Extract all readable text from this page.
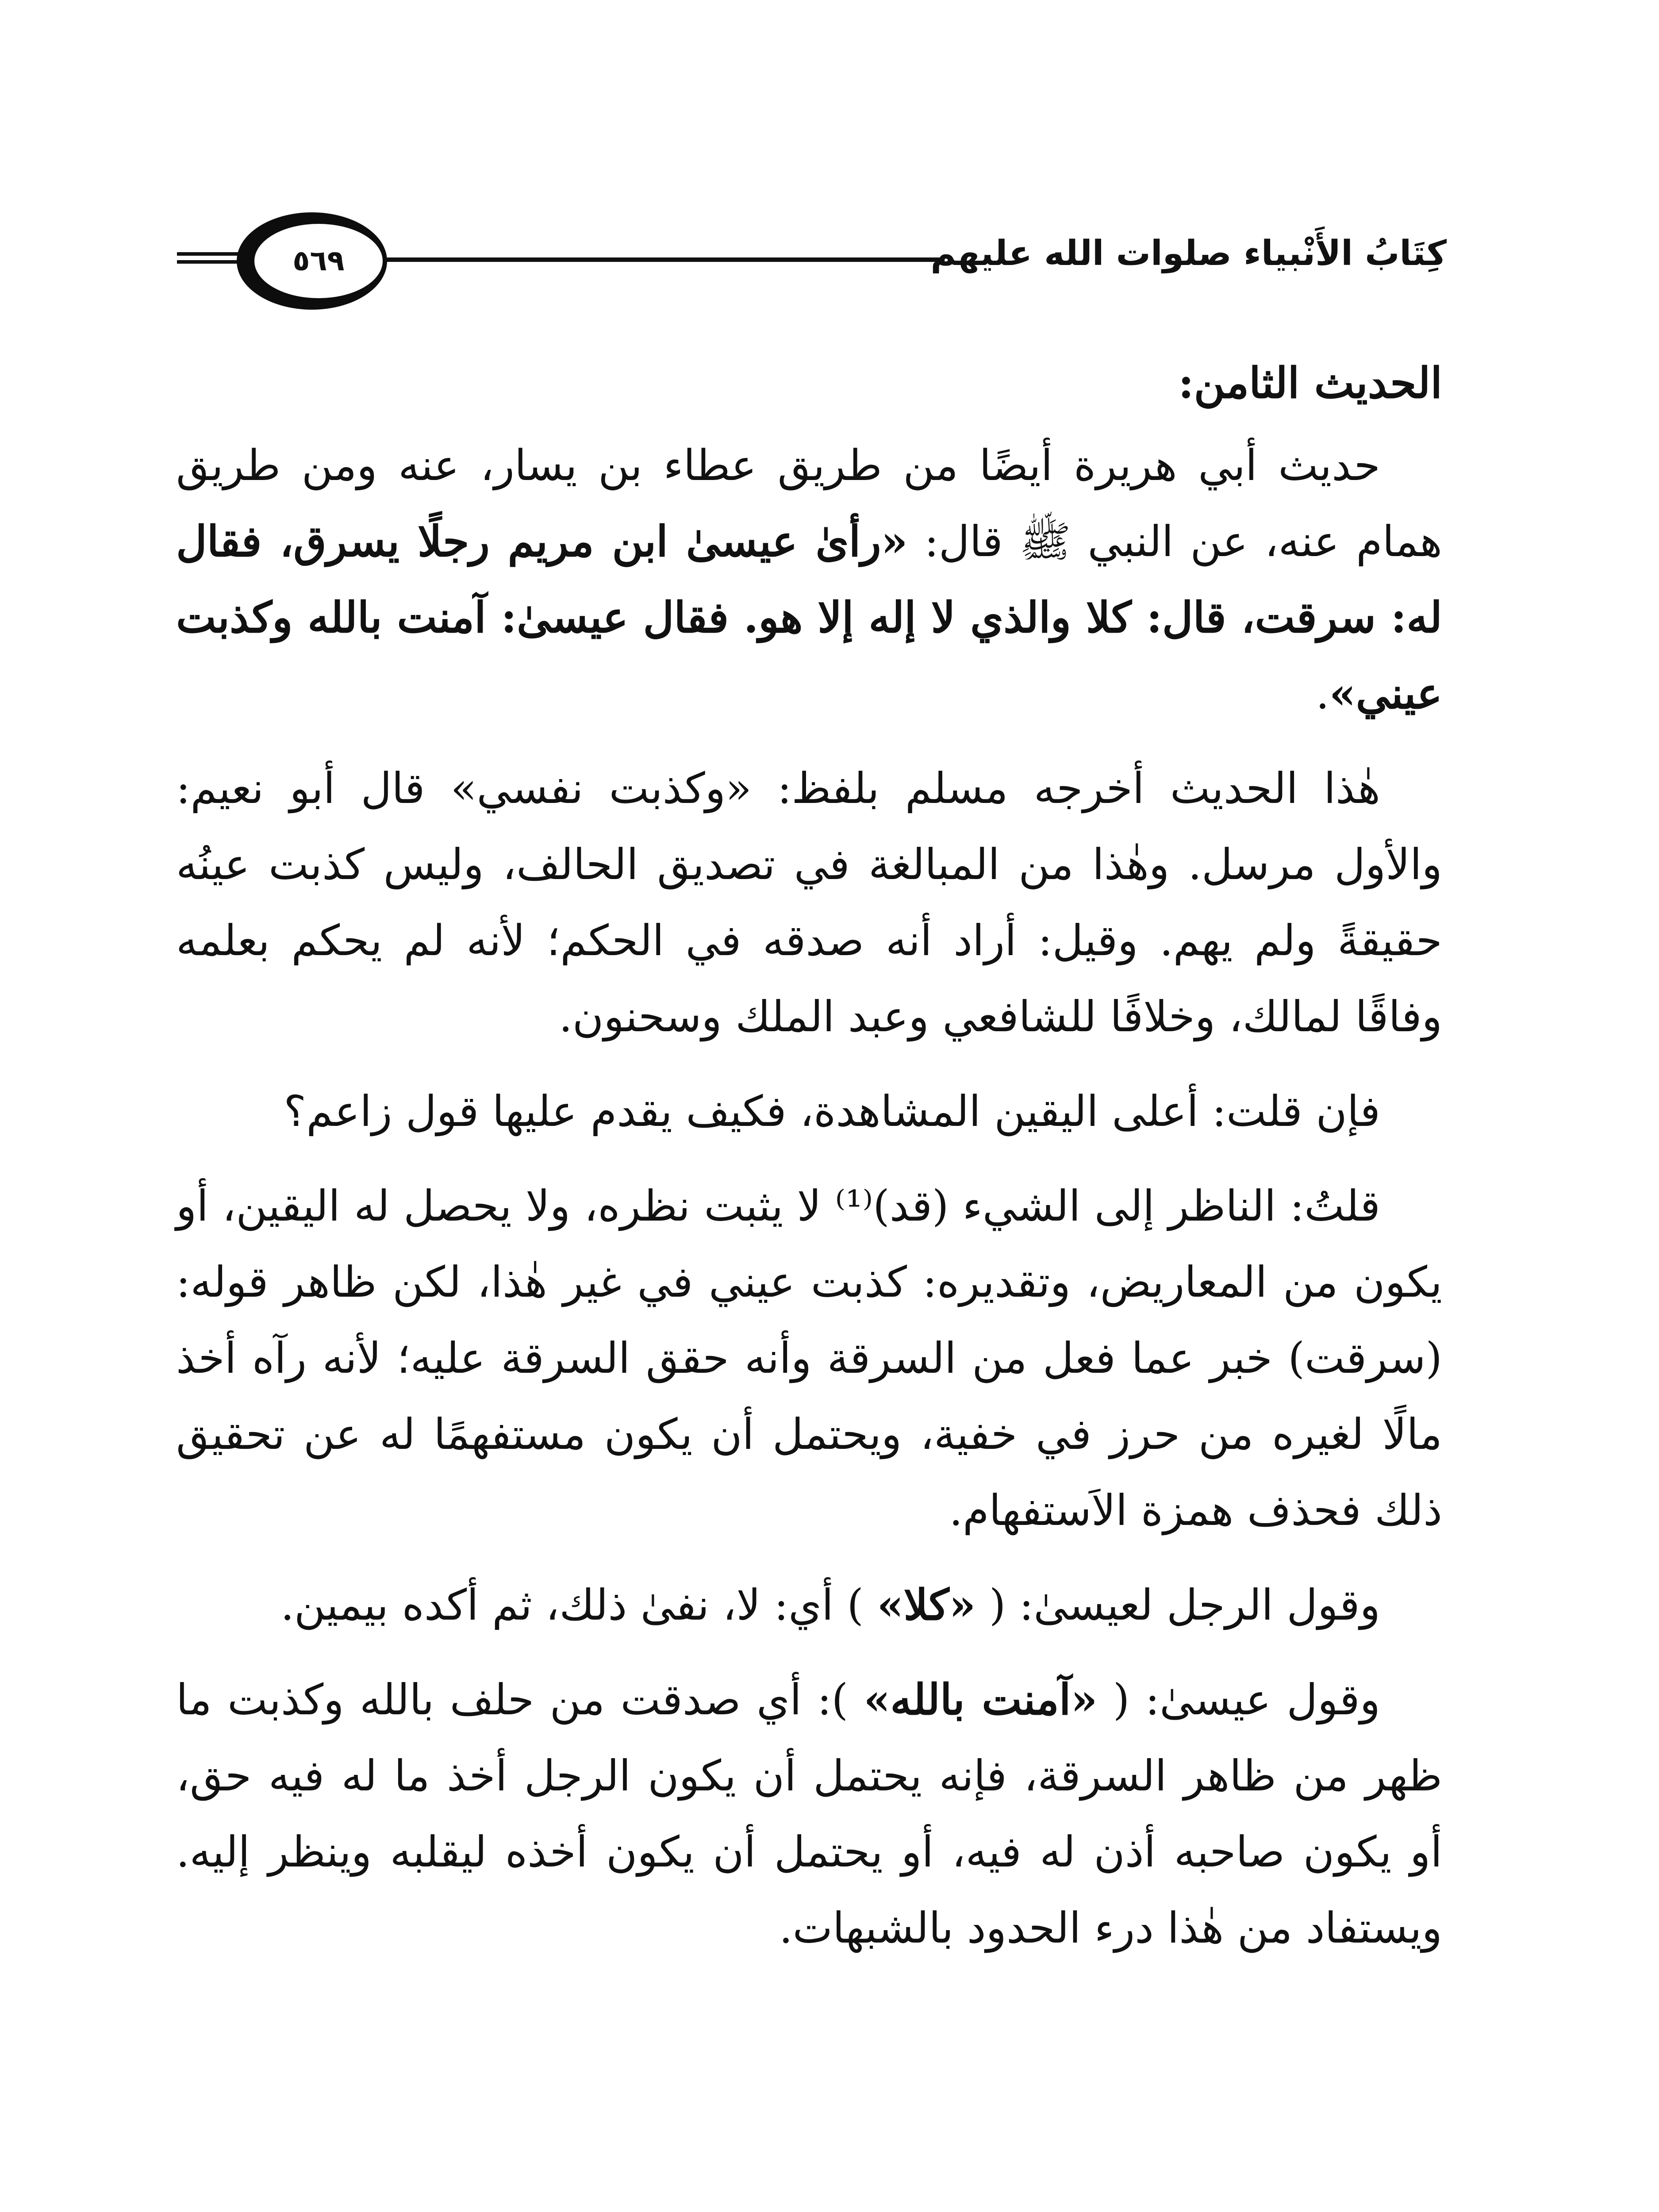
٥٦٩	كِتَابُ الأَنْبياء صلوات الله عليهم

الحديث الثامن:

حديث أبي هريرة أيضًا من طريق عطاء بن يسار، عنه ومن طريق همام عنه، عن النبي ﷺ قال: «رأىٰ عيسىٰ ابن مريم رجلًا يسرق، فقال له: سرقت، قال: كلا والذي لا إله إلا هو. فقال عيسىٰ: آمنت بالله وكذبت عيني».

هٰذا الحديث أخرجه مسلم بلفظ: «وكذبت نفسي» قال أبو نعيم: والأول مرسل. وهٰذا من المبالغة في تصديق الحالف، وليس كذبت عينُه حقيقةً ولم يهم. وقيل: أراد أنه صدقه في الحكم؛ لأنه لم يحكم بعلمه وفاقًا لمالك، وخلافًا للشافعي وعبد الملك وسحنون.

فإن قلت: أعلى اليقين المشاهدة، فكيف يقدم عليها قول زاعم؟

قلتُ: الناظر إلى الشيء (قد)⁽¹⁾ لا يثبت نظره، ولا يحصل له اليقين، أو يكون من المعاريض، وتقديره: كذبت عيني في غير هٰذا، لكن ظاهر قوله: (سرقت) خبر عما فعل من السرقة وأنه حقق السرقة عليه؛ لأنه رآه أخذ مالًا لغيره من حرز في خفية، ويحتمل أن يكون مستفهمًا له عن تحقيق ذلك فحذف همزة الاَستفهام.

وقول الرجل لعيسىٰ: ( «كلا» ) أي: لا، نفىٰ ذلك، ثم أكده بيمين.

وقول عيسىٰ: ( «آمنت بالله» ): أي صدقت من حلف بالله وكذبت ما ظهر من ظاهر السرقة، فإنه يحتمل أن يكون الرجل أخذ ما له فيه حق، أو يكون صاحبه أذن له فيه، أو يحتمل أن يكون أخذه ليقلبه وينظر إليه. ويستفاد من هٰذا درء الحدود بالشبهات.
